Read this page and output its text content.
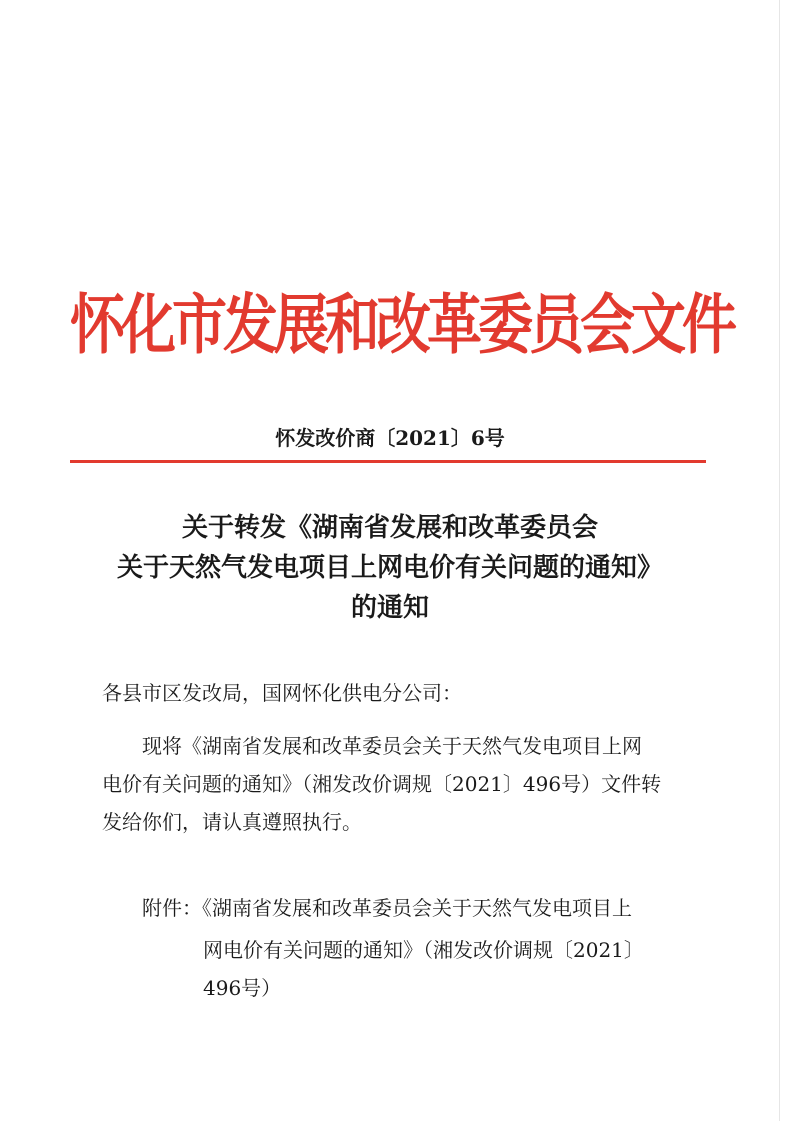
怀化市发展和改革委员会文件
怀发改价商〔2021〕6号
关于转发《湖南省发展和改革委员会
关于天然气发电项目上网电价有关问题的通知》
的通知
各县市区发改局，国网怀化供电分公司：
现将《湖南省发展和改革委员会关于天然气发电项目上网
电价有关问题的通知》（湘发改价调规〔2021〕496号）文件转
发给你们，请认真遵照执行。
附件：《湖南省发展和改革委员会关于天然气发电项目上
网电价有关问题的通知》（湘发改价调规〔2021〕
496号）
